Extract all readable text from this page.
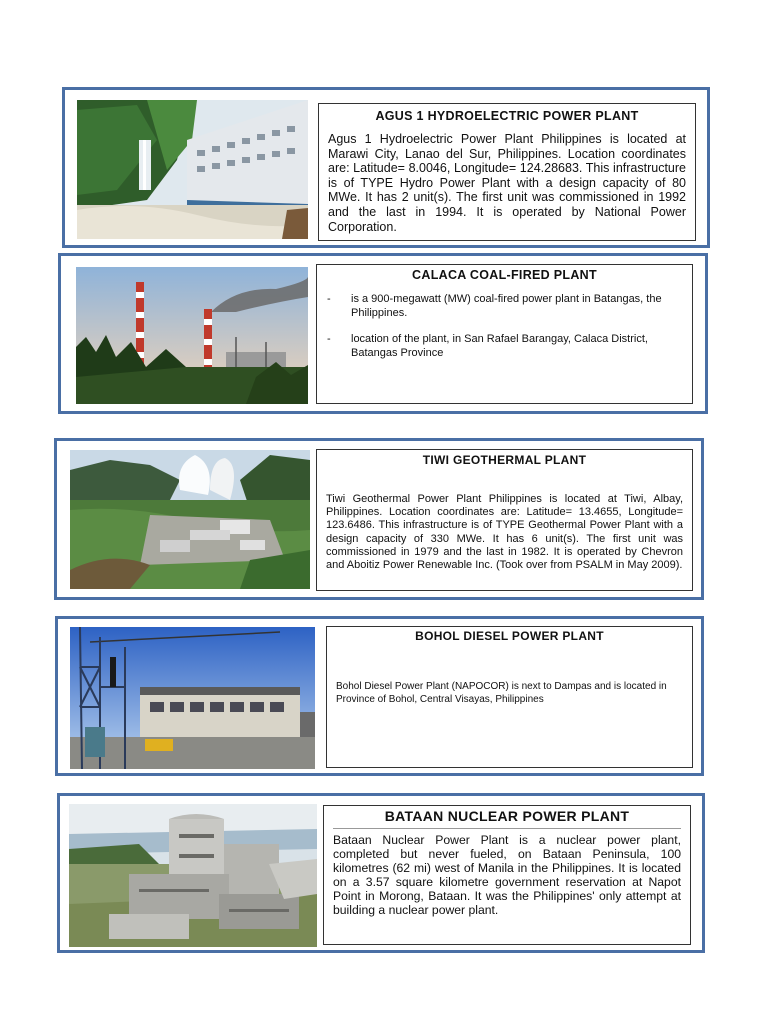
AGUS 1 HYDROELECTRIC POWER PLANT
Agus 1 Hydroelectric Power Plant Philippines is located at Marawi City, Lanao del Sur, Philippines. Location coordinates are: Latitude= 8.0046, Longitude= 124.28683. This infrastructure is of TYPE Hydro Power Plant with a design capacity of 80 MWe. It has 2 unit(s). The first unit was commissioned in 1992 and the last in 1994. It is operated by National Power Corporation.
CALACA COAL-FIRED PLANT
- is a 900-megawatt (MW) coal-fired power plant in Batangas, the Philippines.
- location of the plant, in San Rafael Barangay, Calaca District, Batangas Province
TIWI GEOTHERMAL PLANT
Tiwi Geothermal Power Plant Philippines is located at Tiwi, Albay, Philippines. Location coordinates are: Latitude= 13.4655, Longitude= 123.6486. This infrastructure is of TYPE Geothermal Power Plant with a design capacity of 330 MWe. It has 6 unit(s). The first unit was commissioned in 1979 and the last in 1982. It is operated by Chevron and Aboitiz Power Renewable Inc. (Took over from PSALM in May 2009).
BOHOL DIESEL POWER PLANT
Bohol Diesel Power Plant (NAPOCOR) is next to Dampas and is located in Province of Bohol, Central Visayas, Philippines
BATAAN NUCLEAR POWER PLANT
Bataan Nuclear Power Plant is a nuclear power plant, completed but never fueled, on Bataan Peninsula, 100 kilometres (62 mi) west of Manila in the Philippines. It is located on a 3.57 square kilometre government reservation at Napot Point in Morong, Bataan. It was the Philippines' only attempt at building a nuclear power plant.
